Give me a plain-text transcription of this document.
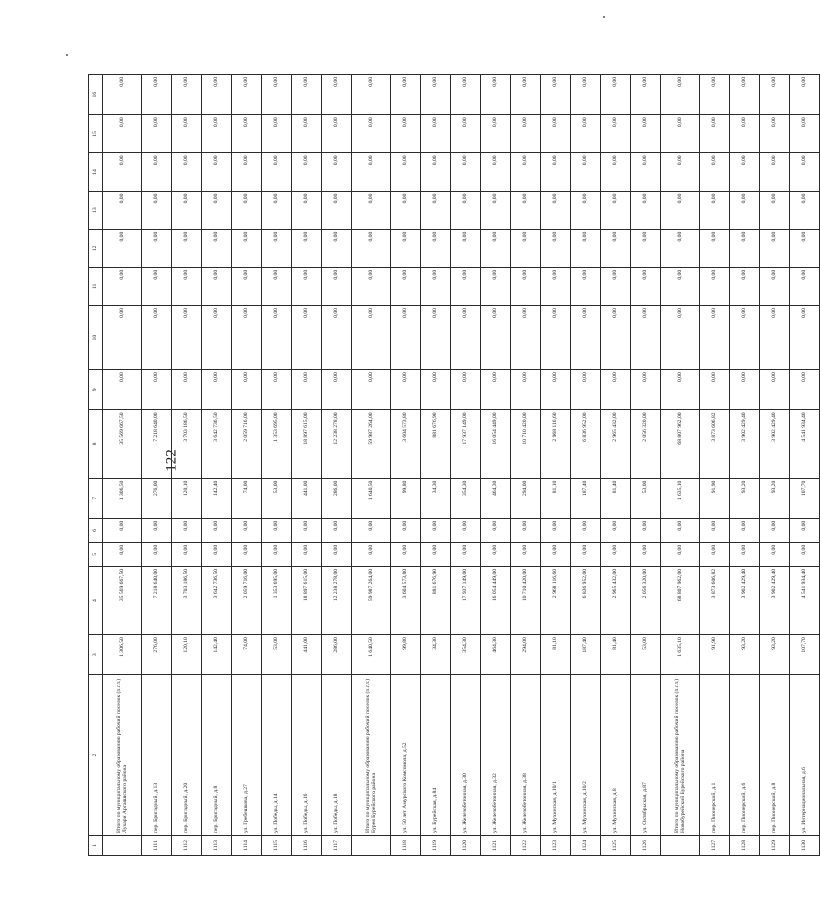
122
1	2	3	4	5	6	7	8	9	10	11	12	13	14	15	16
	Итого по муниципальному образованию рабочий поселок (п.г.т.) Лухари Аргаяшского района	1 306,50	35 569 667,50	0,00	0,00	1 306,50	35 569 667,50	0,00	0,00	0,00	0,00	0,00	0,00	0,00	0,00
1111	пер. Бригадный, д.13	276,00	7 218 640,00	0,00	0,00	276,00	7 218 640,00	0,00	0,00	0,00	0,00	0,00	0,00	0,00	0,00
1112	пер. Бригадный, д.20	120,10	3 703 186,50	0,00	0,00	120,10	3 703 186,50	0,00	0,00	0,00	0,00	0,00	0,00	0,00	0,00
1113	пер. Бригадный, д.8	142,40	3 642 736,50	0,00	0,00	142,40	3 642 736,50	0,00	0,00	0,00	0,00	0,00	0,00	0,00	0,00
1114	ул. Гребешкова, д.27	74,00	2 059 716,00	0,00	0,00	74,00	2 059 716,00	0,00	0,00	0,00	0,00	0,00	0,00	0,00	0,00
1115	ул. Победы, д.14	53,00	1 353 695,00	0,00	0,00	53,00	1 353 695,00	0,00	0,00	0,00	0,00	0,00	0,00	0,00	0,00
1116	ул. Победы, д.16	441,00	18 897 615,00	0,00	0,00	441,00	18 897 615,00	0,00	0,00	0,00	0,00	0,00	0,00	0,00	0,00
1117	ул. Победы, д.18	286,00	12 238 278,00	0,00	0,00	286,00	12 238 278,00	0,00	0,00	0,00	0,00	0,00	0,00	0,00	0,00
	Итого по муниципальному образованию рабочий поселок (п.г.т.) Бурея Бурейского района	1 640,50	59 987 264,00	0,00	0,00	1 640,50	59 987 264,00	0,00	0,00	0,00	0,00	0,00	0,00	0,00	0,00
1118	ул. 50 лет Амурского Комсомола, д.52	99,80	3 604 573,80	0,00	0,00	99,80	3 604 573,80	0,00	0,00	0,00	0,00	0,00	0,00	0,00	0,00
1119	ул. Бурейская, д.84	34,30	881 676,90	0,00	0,00	34,30	881 676,90	0,00	0,00	0,00	0,00	0,00	0,00	0,00	0,00
1120	ул. Железобетонная, д.30	354,30	17 937 149,00	0,00	0,00	354,30	17 937 149,00	0,00	0,00	0,00	0,00	0,00	0,00	0,00	0,00
1121	ул. Железобетонная, д.32	464,30	16 054 449,00	0,00	0,00	464,30	16 054 449,00	0,00	0,00	0,00	0,00	0,00	0,00	0,00	0,00
1122	ул. Железобетонная, д.38	294,00	10 710 420,00	0,00	0,00	294,00	10 710 420,00	0,00	0,00	0,00	0,00	0,00	0,00	0,00	0,00
1123	ул. Мухинская, д.10/1	81,10	2 968 116,60	0,00	0,00	81,10	2 968 116,60	0,00	0,00	0,00	0,00	0,00	0,00	0,00	0,00
1124	ул. Мухинская, д.10/2	187,40	6 836 952,00	0,00	0,00	187,40	6 836 952,00	0,00	0,00	0,00	0,00	0,00	0,00	0,00	0,00
1125	ул. Мухинская, д.8	81,40	2 965 432,00	0,00	0,00	81,40	2 965 432,00	0,00	0,00	0,00	0,00	0,00	0,00	0,00	0,00
1126	ул. Октябрьская, д.87	53,00	2 056 320,00	0,00	0,00	53,00	2 056 320,00	0,00	0,00	0,00	0,00	0,00	0,00	0,00	0,00
	Итого по муниципальному образованию рабочий поселок (п.г.т.) Новобурейский Бурейского района	1 635,10	68 807 962,00	0,00	0,00	1 635,10	68 807 962,00	0,00	0,00	0,00	0,00	0,00	0,00	0,00	0,00
1127	пер. Пионерский, д.1	91,90	3 873 606,82	0,00	0,00	91,90	3 873 606,82	0,00	0,00	0,00	0,00	0,00	0,00	0,00	0,00
1128	пер. Пионерский, д.6	93,20	3 902 429,40	0,00	0,00	93,20	3 902 429,40	0,00	0,00	0,00	0,00	0,00	0,00	0,00	0,00
1129	пер. Пионерский, д.8	93,20	3 902 429,40	0,00	0,00	93,20	3 902 429,40	0,00	0,00	0,00	0,00	0,00	0,00	0,00	0,00
1130	ул. Интернациональная, д.6	107,70	4 541 934,40	0,00	0,00	107,70	4 541 934,40	0,00	0,00	0,00	0,00	0,00	0,00	0,00	0,00
